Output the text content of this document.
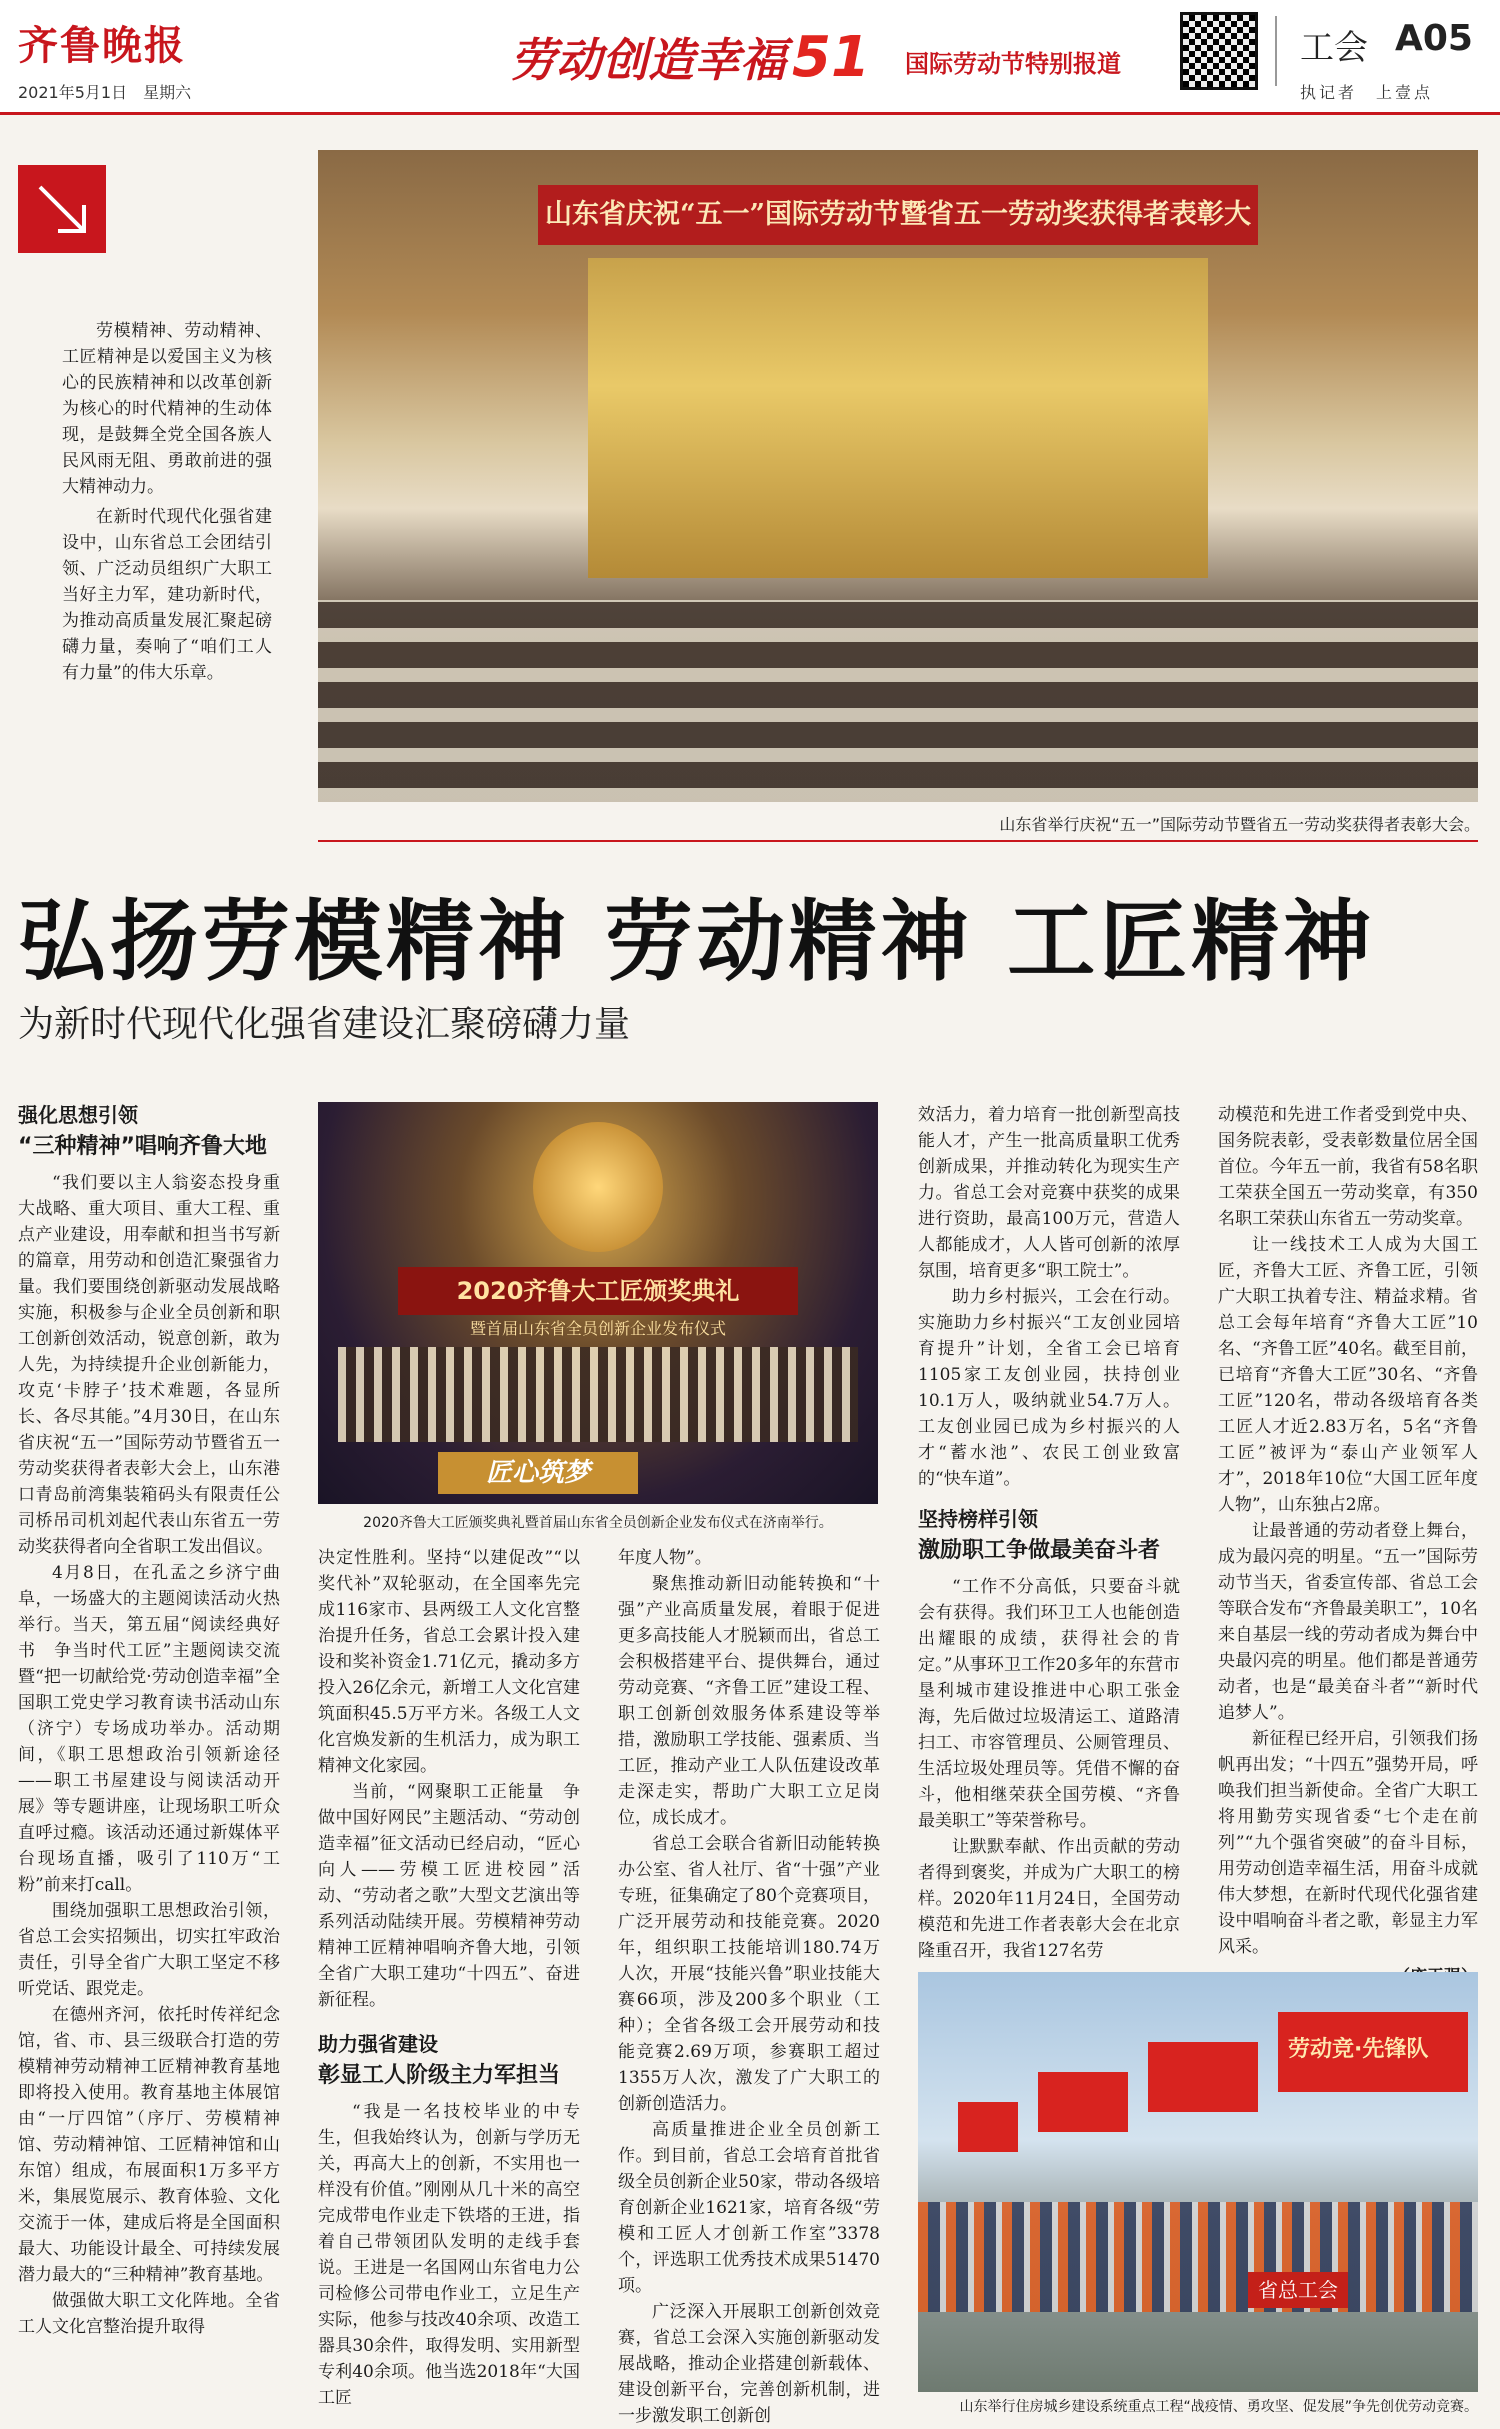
齐鲁晚报
2021年5月1日　星期六
劳动创造幸福 51 国际劳动节特别报道	工会 A05
执记者　上壹点

劳模精神、劳动精神、工匠精神是以爱国主义为核心的民族精神和以改革创新为核心的时代精神的生动体现，是鼓舞全党全国各族人民风雨无阻、勇敢前进的强大精神动力。

在新时代现代化强省建设中，山东省总工会团结引领、广泛动员组织广大职工当好主力军，建功新时代，为推动高质量发展汇聚起磅礴力量，奏响了“咱们工人有力量”的伟大乐章。

山东省庆祝“五一”国际劳动节暨省五一劳动奖获得者表彰大
山东省举行庆祝“五一”国际劳动节暨省五一劳动奖获得者表彰大会。
弘扬劳模精神 劳动精神 工匠精神
为新时代现代化强省建设汇聚磅礴力量
强化思想引领
“三种精神”唱响齐鲁大地

“我们要以主人翁姿态投身重大战略、重大项目、重大工程、重点产业建设，用奉献和担当书写新的篇章，用劳动和创造汇聚强省力量。我们要围绕创新驱动发展战略实施，积极参与企业全员创新和职工创新创效活动，锐意创新，敢为人先，为持续提升企业创新能力，攻克‘卡脖子’技术难题，各显所长、各尽其能。”4月30日，在山东省庆祝“五一”国际劳动节暨省五一劳动奖获得者表彰大会上，山东港口青岛前湾集装箱码头有限责任公司桥吊司机刘起代表山东省五一劳动奖获得者向全省职工发出倡议。

4月8日，在孔孟之乡济宁曲阜，一场盛大的主题阅读活动火热举行。当天，第五届“阅读经典好书　争当时代工匠”主题阅读交流暨“把一切献给党·劳动创造幸福”全国职工党史学习教育读书活动山东（济宁）专场成功举办。活动期间，《职工思想政治引领新途径——职工书屋建设与阅读活动开展》等专题讲座，让现场职工听众直呼过瘾。该活动还通过新媒体平台现场直播，吸引了110万“工粉”前来打call。

围绕加强职工思想政治引领，省总工会实招频出，切实扛牢政治责任，引导全省广大职工坚定不移听党话、跟党走。

在德州齐河，依托时传祥纪念馆，省、市、县三级联合打造的劳模精神劳动精神工匠精神教育基地即将投入使用。教育基地主体展馆由“一厅四馆”（序厅、劳模精神馆、劳动精神馆、工匠精神馆和山东馆）组成，布展面积1万多平方米，集展览展示、教育体验、文化交流于一体，建成后将是全国面积最大、功能设计最全、可持续发展潜力最大的“三种精神”教育基地。

做强做大职工文化阵地。全省工人文化宫整治提升取得

2020齐鲁大工匠颁奖典礼
暨首届山东省全员创新企业发布仪式
匠心筑梦
2020齐鲁大工匠颁奖典礼暨首届山东省全员创新企业发布仪式在济南举行。

决定性胜利。坚持“以建促改”“以奖代补”双轮驱动，在全国率先完成116家市、县两级工人文化宫整治提升任务，省总工会累计投入建设和奖补资金1.71亿元，撬动多方投入26亿余元，新增工人文化宫建筑面积45.5万平方米。各级工人文化宫焕发新的生机活力，成为职工精神文化家园。

当前，“网聚职工正能量　争做中国好网民”主题活动、“劳动创造幸福”征文活动已经启动，“匠心向人——劳模工匠进校园”活动、“劳动者之歌”大型文艺演出等系列活动陆续开展。劳模精神劳动精神工匠精神唱响齐鲁大地，引领全省广大职工建功“十四五”、奋进新征程。

助力强省建设
彰显工人阶级主力军担当

“我是一名技校毕业的中专生，但我始终认为，创新与学历无关，再高大上的创新，不实用也一样没有价值。”刚刚从几十米的高空完成带电作业走下铁塔的王进，指着自己带领团队发明的走线手套说。王进是一名国网山东省电力公司检修公司带电作业工，立足生产实际，他参与技改40余项、改造工器具30余件，取得发明、实用新型专利40余项。他当选2018年“大国工匠

年度人物”。

聚焦推动新旧动能转换和“十强”产业高质量发展，着眼于促进更多高技能人才脱颖而出，省总工会积极搭建平台、提供舞台，通过劳动竞赛、“齐鲁工匠”建设工程、职工创新创效服务体系建设等举措，激励职工学技能、强素质、当工匠，推动产业工人队伍建设改革走深走实，帮助广大职工立足岗位，成长成才。

省总工会联合省新旧动能转换办公室、省人社厅、省“十强”产业专班，征集确定了80个竞赛项目，广泛开展劳动和技能竞赛。2020年，组织职工技能培训180.74万人次，开展“技能兴鲁”职业技能大赛66项，涉及200多个职业（工种）；全省各级工会开展劳动和技能竞赛2.69万项，参赛职工超过1355万人次，激发了广大职工的创新创造活力。

高质量推进企业全员创新工作。到目前，省总工会培育首批省级全员创新企业50家，带动各级培育创新企业1621家，培育各级“劳模和工匠人才创新工作室”3378个，评选职工优秀技术成果51470项。

广泛深入开展职工创新创效竞赛，省总工会深入实施创新驱动发展战略，推动企业搭建创新载体、建设创新平台，完善创新机制，进一步激发职工创新创

效活力，着力培育一批创新型高技能人才，产生一批高质量职工优秀创新成果，并推动转化为现实生产力。省总工会对竞赛中获奖的成果进行资助，最高100万元，营造人人都能成才，人人皆可创新的浓厚氛围，培育更多“职工院士”。

助力乡村振兴，工会在行动。实施助力乡村振兴“工友创业园培育提升”计划，全省工会已培育1105家工友创业园，扶持创业10.1万人，吸纳就业54.7万人。工友创业园已成为乡村振兴的人才“蓄水池”、农民工创业致富的“快车道”。

坚持榜样引领
激励职工争做最美奋斗者

“工作不分高低，只要奋斗就会有获得。我们环卫工人也能创造出耀眼的成绩，获得社会的肯定。”从事环卫工作20多年的东营市垦利城市建设推进中心职工张金海，先后做过垃圾清运工、道路清扫工、市容管理员、公厕管理员、生活垃圾处理员等。凭借不懈的奋斗，他相继荣获全国劳模、“齐鲁最美职工”等荣誉称号。

让默默奉献、作出贡献的劳动者得到褒奖，并成为广大职工的榜样。2020年11月24日，全国劳动模范和先进工作者表彰大会在北京隆重召开，我省127名劳

动模范和先进工作者受到党中央、国务院表彰，受表彰数量位居全国首位。今年五一前，我省有58名职工荣获全国五一劳动奖章，有350名职工荣获山东省五一劳动奖章。

让一线技术工人成为大国工匠，齐鲁大工匠、齐鲁工匠，引领广大职工执着专注、精益求精。省总工会每年培育“齐鲁大工匠”10名、“齐鲁工匠”40名。截至目前，已培育“齐鲁大工匠”30名、“齐鲁工匠”120名，带动各级培育各类工匠人才近2.83万名，5名“齐鲁工匠”被评为“泰山产业领军人才”，2018年10位“大国工匠年度人物”，山东独占2席。

让最普通的劳动者登上舞台，成为最闪亮的明星。“五一”国际劳动节当天，省委宣传部、省总工会等联合发布“齐鲁最美职工”，10名来自基层一线的劳动者成为舞台中央最闪亮的明星。他们都是普通劳动者，也是“最美奋斗者”“新时代追梦人”。

新征程已经开启，引领我们扬帆再出发；“十四五”强势开局，呼唤我们担当新使命。全省广大职工将用勤劳实现省委“七个走在前列”“九个强省突破”的奋斗目标，用劳动创造幸福生活，用奋斗成就伟大梦想，在新时代现代化强省建设中唱响奋斗者之歌，彰显主力军风采。

劳动竞·先锋队
省总工会
山东举行住房城乡建设系统重点工程“战疫情、勇攻坚、促发展”争先创优劳动竞赛。
